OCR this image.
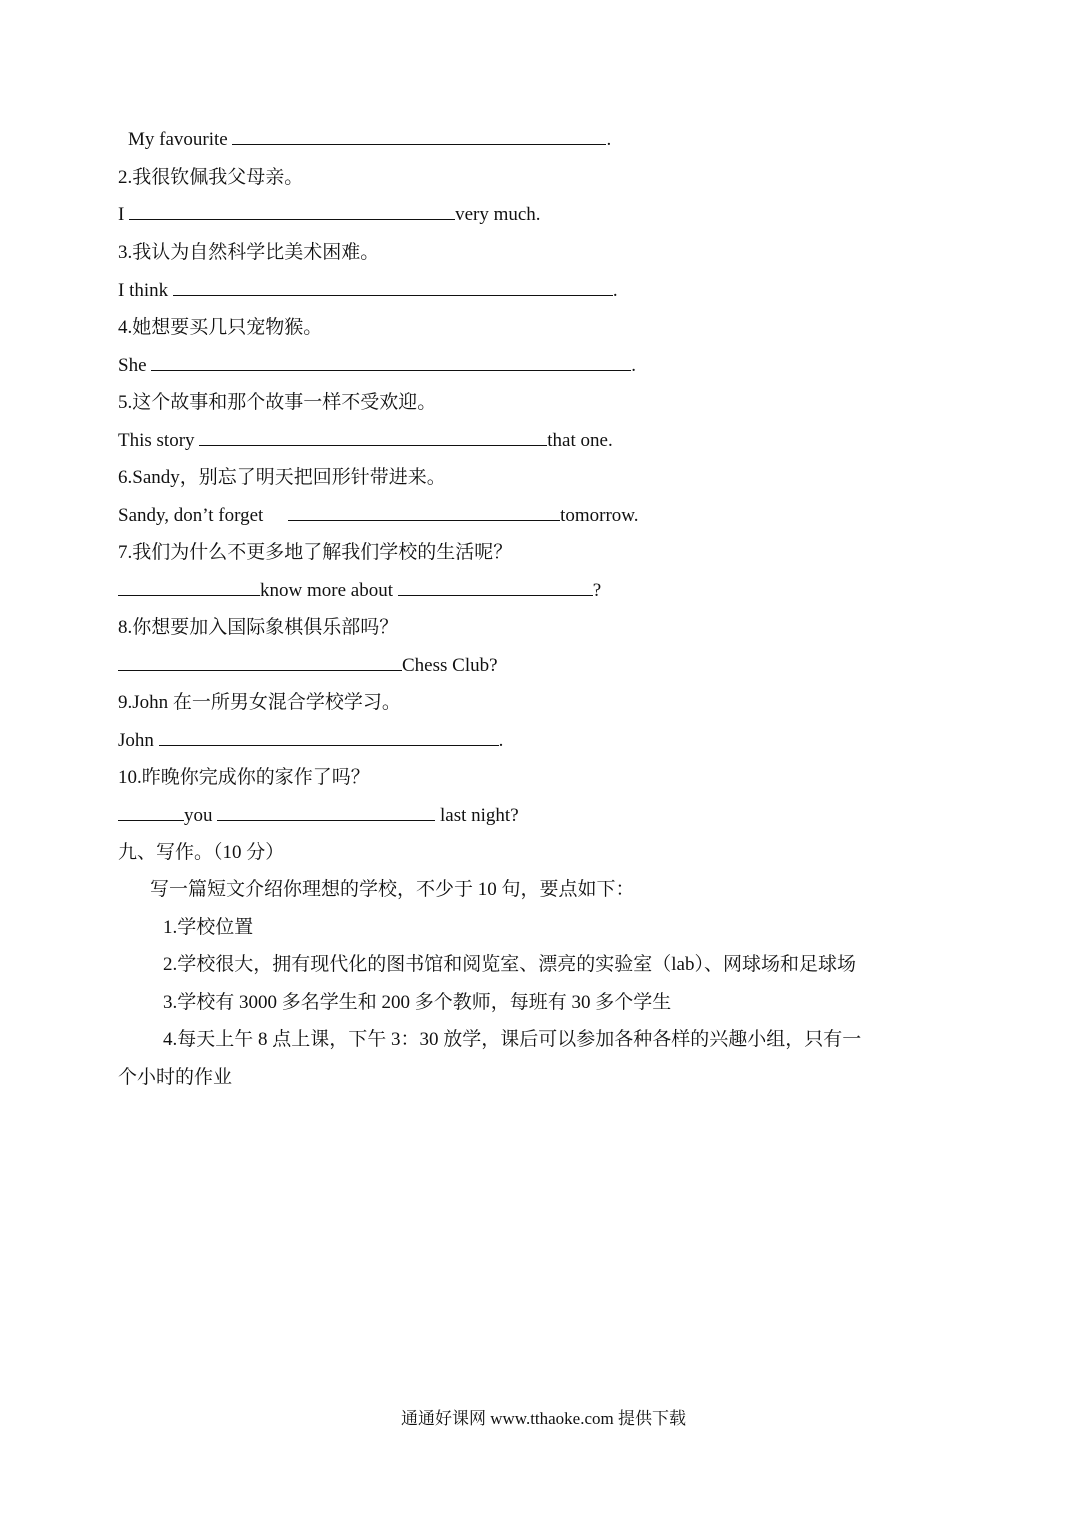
My favourite	.
2.我很钦佩我父母亲。
I	very much.
3.我认为自然科学比美术困难。
I think	.
4.她想要买几只宠物猴。
She	.
5.这个故事和那个故事一样不受欢迎。
This story	that one.
6.Sandy，别忘了明天把回形针带进来。
Sandy, don’t forget	tomorrow.
7.我们为什么不更多地了解我们学校的生活呢？
know more about	?
8.你想要加入国际象棋俱乐部吗？
Chess Club?
9.John 在一所男女混合学校学习。
John	.
10.昨晚你完成你的家作了吗？
you	last night?
九、写作。（10 分）
写一篇短文介绍你理想的学校，不少于 10 句，要点如下：
1.学校位置
2.学校很大，拥有现代化的图书馆和阅览室、漂亮的实验室（lab）、网球场和足球场
3.学校有 3000 多名学生和 200 多个教师，每班有 30 多个学生
4.每天上午 8 点上课，下午 3：30 放学，课后可以参加各种各样的兴趣小组，只有一
个小时的作业
通通好课网 www.tthaoke.com 提供下载
